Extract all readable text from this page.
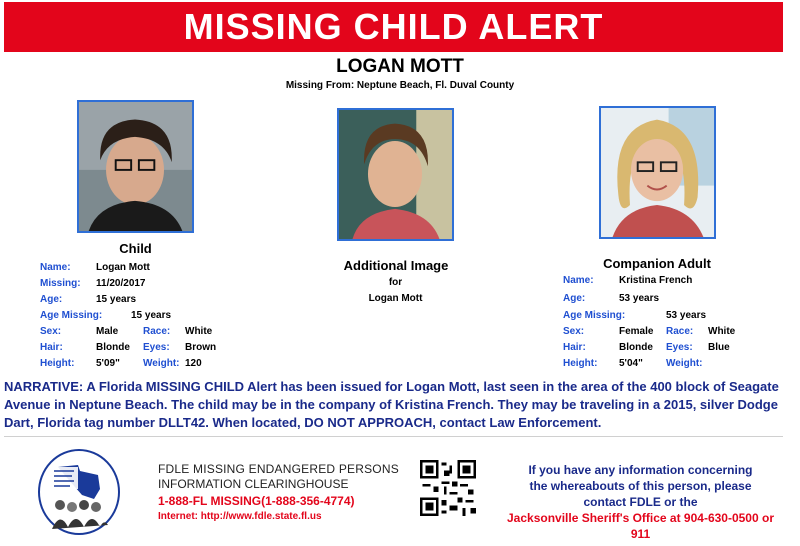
MISSING CHILD ALERT
LOGAN MOTT
Missing From: Neptune Beach, Fl. Duval County
Child
Additional Image
for
Logan Mott
Companion Adult
Name:	Logan Mott
Missing: 11/20/2017
Age:	15 years
Age Missing:	15 years
Sex:	Male Race: White
Hair:	Blonde Eyes: Brown
Height: 5'09" Weight: 120
Name:	Kristina French
Age:	53 years
Age Missing:	53 years
Sex:	Female Race: White
Hair:	Blonde Eyes: Blue
Height: 5'04" Weight:
NARRATIVE: A Florida MISSING CHILD Alert has been issued for Logan Mott, last seen in the area of the 400 block of Seagate Avenue in Neptune Beach. The child may be in the company of Kristina French. They may be traveling in a 2015, silver Dodge Dart, Florida tag number DLLT42. When located, DO NOT APPROACH, contact Law Enforcement.
FDLE MISSING ENDANGERED PERSONS
INFORMATION CLEARINGHOUSE
1-888-FL MISSING(1-888-356-4774)
Internet: http://www.fdle.state.fl.us
If you have any information concerning
the whereabouts of this person, please
contact FDLE or the
Jacksonville Sheriff's Office at 904-630-0500 or
911
